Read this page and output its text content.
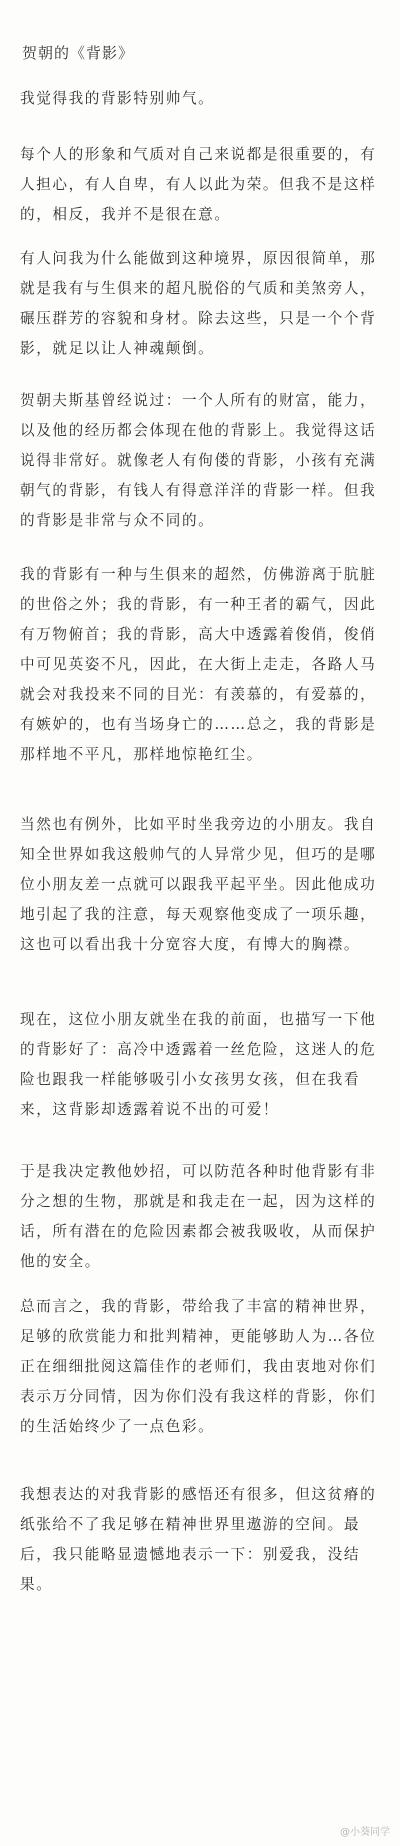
贺朝的《背影》
我觉得我的背影特别帅气。
每个人的形象和气质对自己来说都是很重要的，有人担心，有人自卑，有人以此为荣。但我不是这样的，相反，我并不是很在意。
有人问我为什么能做到这种境界，原因很简单，那就是我有与生俱来的超凡脱俗的气质和美煞旁人，碾压群芳的容貌和身材。除去这些，只是一个个背影，就足以让人神魂颠倒。
贺朝夫斯基曾经说过：一个人所有的财富，能力，以及他的经历都会体现在他的背影上。我觉得这话说得非常好。就像老人有佝偻的背影，小孩有充满朝气的背影，有钱人有得意洋洋的背影一样。但我的背影是非常与众不同的。
我的背影有一种与生俱来的超然，仿佛游离于肮脏的世俗之外；我的背影，有一种王者的霸气，因此有万物俯首；我的背影，高大中透露着俊俏，俊俏中可见英姿不凡，因此，在大街上走走，各路人马就会对我投来不同的目光：有羡慕的，有爱慕的，有嫉妒的，也有当场身亡的……总之，我的背影是那样地不平凡，那样地惊艳红尘。
当然也有例外，比如平时坐我旁边的小朋友。我自知全世界如我这般帅气的人异常少见，但巧的是哪位小朋友差一点就可以跟我平起平坐。因此他成功地引起了我的注意，每天观察他变成了一项乐趣，这也可以看出我十分宽容大度，有博大的胸襟。
现在，这位小朋友就坐在我的前面，也描写一下他的背影好了：高冷中透露着一丝危险，这迷人的危险也跟我一样能够吸引小女孩男女孩，但在我看来，这背影却透露着说不出的可爱！
于是我决定教他妙招，可以防范各种时他背影有非分之想的生物，那就是和我走在一起，因为这样的话，所有潜在的危险因素都会被我吸收，从而保护他的安全。
总而言之，我的背影，带给我了丰富的精神世界，足够的欣赏能力和批判精神，更能够助人为…各位正在细细批阅这篇佳作的老师们，我由衷地对你们表示万分同情，因为你们没有我这样的背影，你们的生活始终少了一点色彩。
我想表达的对我背影的感悟还有很多，但这贫瘠的纸张给不了我足够在精神世界里遨游的空间。最后，我只能略显遗憾地表示一下：别爱我，没结果。
@小葵同学
